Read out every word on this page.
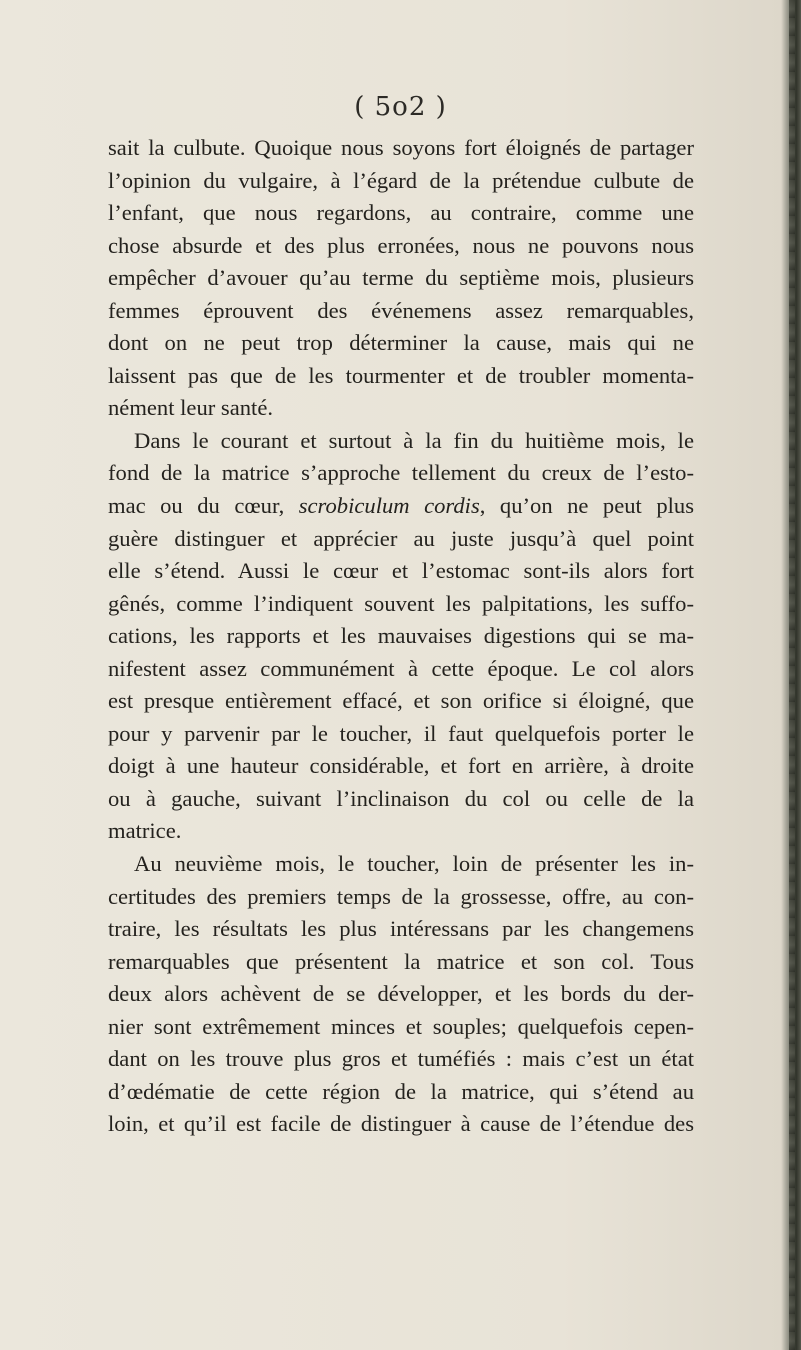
( 5o2 )
sait la culbute. Quoique nous soyons fort éloignés de partager
l’opinion du vulgaire, à l’égard de la prétendue culbute de
l’enfant, que nous regardons, au contraire, comme une
chose absurde et des plus erronées, nous ne pouvons nous
empêcher d’avouer qu’au terme du septième mois, plusieurs
femmes éprouvent des événemens assez remarquables,
dont on ne peut trop déterminer la cause, mais qui ne
laissent pas que de les tourmenter et de troubler momenta-
nément leur santé.
Dans le courant et surtout à la fin du huitième mois, le
fond de la matrice s’approche tellement du creux de l’esto-
mac ou du cœur, scrobiculum cordis, qu’on ne peut plus
guère distinguer et apprécier au juste jusqu’à quel point
elle s’étend. Aussi le cœur et l’estomac sont-ils alors fort
gênés, comme l’indiquent souvent les palpitations, les suffo-
cations, les rapports et les mauvaises digestions qui se ma-
nifestent assez communément à cette époque. Le col alors
est presque entièrement effacé, et son orifice si éloigné, que
pour y parvenir par le toucher, il faut quelquefois porter le
doigt à une hauteur considérable, et fort en arrière, à droite
ou à gauche, suivant l’inclinaison du col ou celle de la
matrice.
Au neuvième mois, le toucher, loin de présenter les in-
certitudes des premiers temps de la grossesse, offre, au con-
traire, les résultats les plus intéressans par les changemens
remarquables que présentent la matrice et son col. Tous
deux alors achèvent de se développer, et les bords du der-
nier sont extrêmement minces et souples; quelquefois cepen-
dant on les trouve plus gros et tuméfiés : mais c’est un état
d’œdématie de cette région de la matrice, qui s’étend au
loin, et qu’il est facile de distinguer à cause de l’étendue des
